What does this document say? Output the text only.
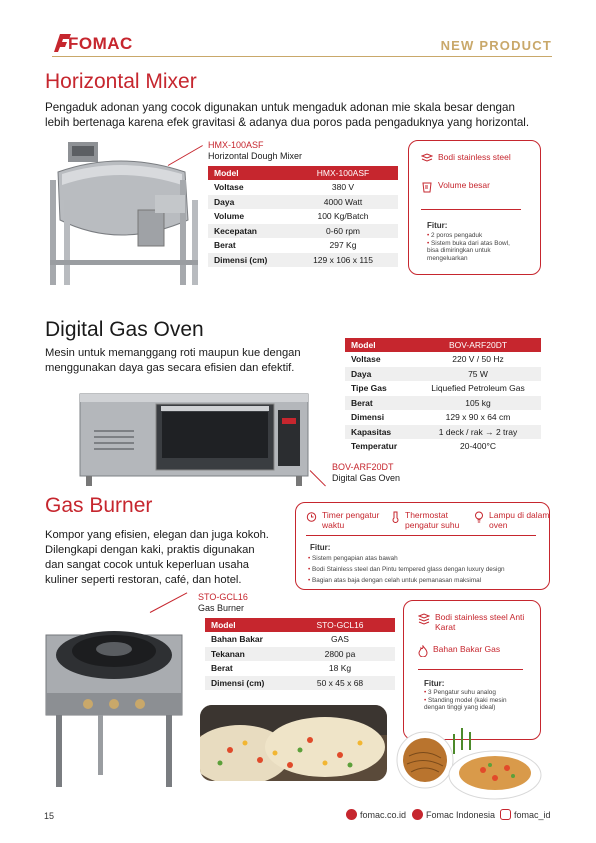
FOMAC	NEW PRODUCT
Horizontal Mixer
Pengaduk adonan yang cocok digunakan untuk mengaduk adonan mie skala besar dengan
lebih bertenaga karena efek gravitasi & adanya dua poros pada pengaduknya yang horizontal.
HMX-100ASF
Horizontal Dough Mixer
Model	HMX-100ASF
Voltase	380 V
Daya	4000 Watt
Volume	100 Kg/Batch
Kecepatan	0-60 rpm
Berat	297 Kg
Dimensi (cm)	129 x 106 x 115
Bodi stainless steel
Volume besar
Fitur:
• 2 poros pengaduk
• Sistem buka dari atas Bowl, bisa dimiringkan untuk mengeluarkan
Digital Gas Oven
Mesin untuk memanggang roti maupun kue dengan
menggunakan daya gas secara efisien dan efektif.
Model	BOV-ARF20DT
Voltase	220 V / 50 Hz
Daya	75 W
Tipe Gas	Liquefied Petroleum Gas
Berat	105 kg
Dimensi	129 x 90 x 64 cm
Kapasitas	1 deck / rak → 2 tray
Temperatur	20-400°C
BOV-ARF20DT
Digital Gas Oven
Gas Burner
Kompor yang efisien, elegan dan juga kokoh.
Dilengkapi dengan kaki, praktis digunakan
dan sangat cocok untuk keperluan usaha
kuliner seperti restoran, café, dan hotel.
Timer pengatur waktu
Thermostat pengatur suhu
Lampu di dalam oven
Fitur:
• Sistem pengapian atas bawah
• Bodi Stainless steel dan Pintu tempered glass dengan luxury design
• Bagian atas baja dengan celah untuk pemanasan maksimal
STO-GCL16
Gas Burner
Model	STO-GCL16
Bahan Bakar	GAS
Tekanan	2800 pa
Berat	18 Kg
Dimensi (cm)	50 x 45 x 68
Bodi stainless steel Anti Karat
Bahan Bakar Gas
Fitur:
• 3 Pengatur suhu analog
• Standing model (kaki mesin dengan tinggi yang ideal)
15	fomac.co.id Fomac Indonesia fomac_id
